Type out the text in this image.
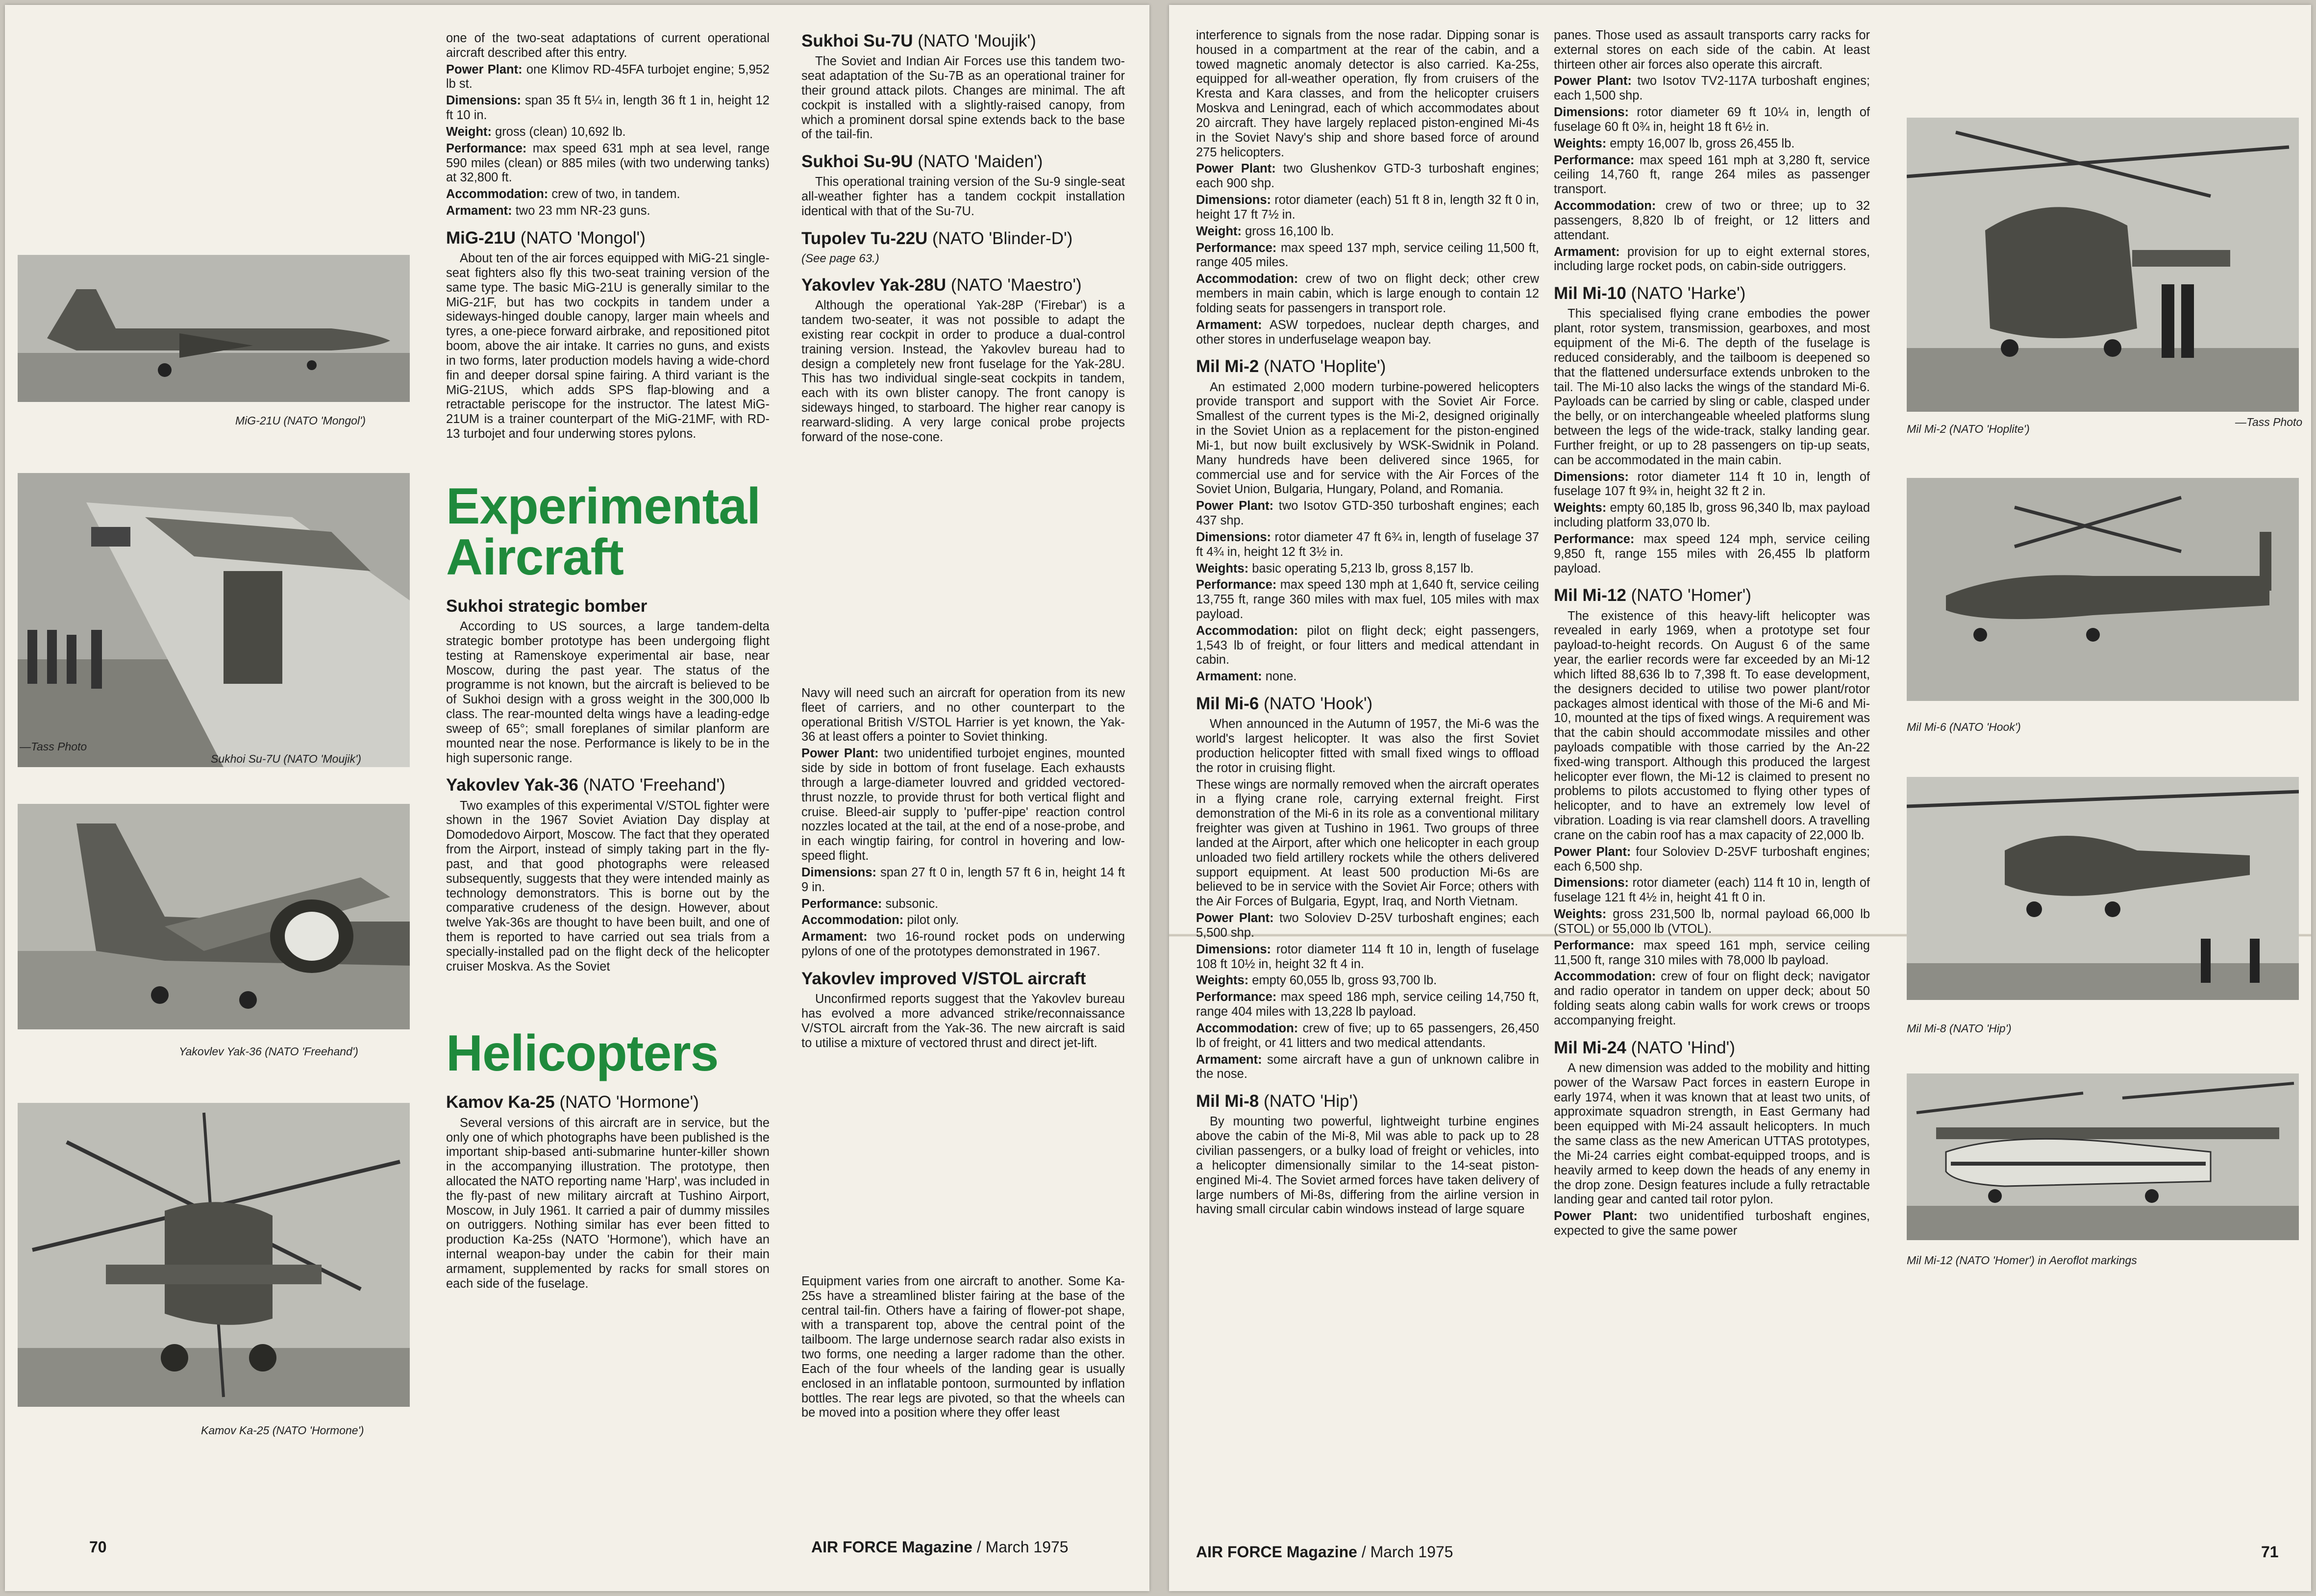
MiG-21U (NATO 'Mongol')
—Tass Photo
Sukhoi Su-7U (NATO 'Moujik')
Yakovlev Yak-36 (NATO 'Freehand')
Kamov Ka-25 (NATO 'Hormone')

one of the two-seat adaptations of current operational aircraft described after this entry.

Power Plant: one Klimov RD-45FA turbojet engine; 5,952 lb st.

Dimensions: span 35 ft 5¼ in, length 36 ft 1 in, height 12 ft 10 in.

Weight: gross (clean) 10,692 lb.

Performance: max speed 631 mph at sea level, range 590 miles (clean) or 885 miles (with two underwing tanks) at 32,800 ft.

Accommodation: crew of two, in tandem.

Armament: two 23 mm NR-23 guns.

MiG-21U (NATO 'Mongol')

About ten of the air forces equipped with MiG-21 single-seat fighters also fly this two-seat training version of the same type. The basic MiG-21U is generally similar to the MiG-21F, but has two cockpits in tandem under a sideways-hinged double canopy, larger main wheels and tyres, a one-piece forward airbrake, and repositioned pitot boom, above the air intake. It carries no guns, and exists in two forms, later production models having a wide-chord fin and deeper dorsal spine fairing. A third variant is the MiG-21US, which adds SPS flap-blowing and a retractable periscope for the instructor. The latest MiG-21UM is a trainer counterpart of the MiG-21MF, with RD-13 turbojet and four underwing stores pylons.

Experimental
Aircraft
Sukhoi strategic bomber

According to US sources, a large tandem-delta strategic bomber prototype has been undergoing flight testing at Ramenskoye experimental air base, near Moscow, during the past year. The status of the programme is not known, but the aircraft is believed to be of Sukhoi design with a gross weight in the 300,000 lb class. The rear-mounted delta wings have a leading-edge sweep of 65°; small foreplanes of similar planform are mounted near the nose. Performance is likely to be in the high supersonic range.

Yakovlev Yak-36 (NATO 'Freehand')

Two examples of this experimental V/STOL fighter were shown in the 1967 Soviet Aviation Day display at Domodedovo Airport, Moscow. The fact that they operated from the Airport, instead of simply taking part in the fly-past, and that good photographs were released subsequently, suggests that they were intended mainly as technology demonstrators. This is borne out by the comparative crudeness of the design. However, about twelve Yak-36s are thought to have been built, and one of them is reported to have carried out sea trials from a specially-installed pad on the flight deck of the helicopter cruiser Moskva. As the Soviet

Helicopters
Kamov Ka-25 (NATO 'Hormone')

Several versions of this aircraft are in service, but the only one of which photographs have been published is the important ship-based anti-submarine hunter-killer shown in the accompanying illustration. The prototype, then allocated the NATO reporting name 'Harp', was included in the fly-past of new military aircraft at Tushino Airport, Moscow, in July 1961. It carried a pair of dummy missiles on outriggers. Nothing similar has ever been fitted to production Ka-25s (NATO 'Hormone'), which have an internal weapon-bay under the cabin for their main armament, supplemented by racks for small stores on each side of the fuselage.

Sukhoi Su-7U (NATO 'Moujik')

The Soviet and Indian Air Forces use this tandem two-seat adaptation of the Su-7B as an operational trainer for their ground attack pilots. Changes are minimal. The aft cockpit is installed with a slightly-raised canopy, from which a prominent dorsal spine extends back to the base of the tail-fin.

Sukhoi Su-9U (NATO 'Maiden')

This operational training version of the Su-9 single-seat all-weather fighter has a tandem cockpit installation identical with that of the Su-7U.

Tupolev Tu-22U (NATO 'Blinder-D')
(See page 63.)
Yakovlev Yak-28U (NATO 'Maestro')

Although the operational Yak-28P ('Firebar') is a tandem two-seater, it was not possible to adapt the existing rear cockpit in order to produce a dual-control training version. Instead, the Yakovlev bureau had to design a completely new front fuselage for the Yak-28U. This has two individual single-seat cockpits in tandem, each with its own blister canopy. The front canopy is sideways hinged, to starboard. The higher rear canopy is rearward-sliding. A very large conical probe projects forward of the nose-cone.

Navy will need such an aircraft for operation from its new fleet of carriers, and no other counterpart to the operational British V/STOL Harrier is yet known, the Yak-36 at least offers a pointer to Soviet thinking.

Power Plant: two unidentified turbojet engines, mounted side by side in bottom of front fuselage. Each exhausts through a large-diameter louvred and gridded vectored-thrust nozzle, to provide thrust for both vertical flight and cruise. Bleed-air supply to 'puffer-pipe' reaction control nozzles located at the tail, at the end of a nose-probe, and in each wingtip fairing, for control in hovering and low-speed flight.

Dimensions: span 27 ft 0 in, length 57 ft 6 in, height 14 ft 9 in.

Performance: subsonic.

Accommodation: pilot only.

Armament: two 16-round rocket pods on underwing pylons of one of the prototypes demonstrated in 1967.

Yakovlev improved V/STOL aircraft

Unconfirmed reports suggest that the Yakovlev bureau has evolved a more advanced strike/reconnaissance V/STOL aircraft from the Yak-36. The new aircraft is said to utilise a mixture of vectored thrust and direct jet-lift.

Equipment varies from one aircraft to another. Some Ka-25s have a streamlined blister fairing at the base of the central tail-fin. Others have a fairing of flower-pot shape, with a transparent top, above the central point of the tailboom. The large undernose search radar also exists in two forms, one needing a larger radome than the other. Each of the four wheels of the landing gear is usually enclosed in an inflatable pontoon, surmounted by inflation bottles. The rear legs are pivoted, so that the wheels can be moved into a position where they offer least

70	AIR FORCE Magazine / March 1975

interference to signals from the nose radar. Dipping sonar is housed in a compartment at the rear of the cabin, and a towed magnetic anomaly detector is also carried. Ka-25s, equipped for all-weather operation, fly from cruisers of the Kresta and Kara classes, and from the helicopter cruisers Moskva and Leningrad, each of which accommodates about 20 aircraft. They have largely replaced piston-engined Mi-4s in the Soviet Navy's ship and shore based force of around 275 helicopters.

Power Plant: two Glushenkov GTD-3 turboshaft engines; each 900 shp.

Dimensions: rotor diameter (each) 51 ft 8 in, length 32 ft 0 in, height 17 ft 7½ in.

Weight: gross 16,100 lb.

Performance: max speed 137 mph, service ceiling 11,500 ft, range 405 miles.

Accommodation: crew of two on flight deck; other crew members in main cabin, which is large enough to contain 12 folding seats for passengers in transport role.

Armament: ASW torpedoes, nuclear depth charges, and other stores in underfuselage weapon bay.

Mil Mi-2 (NATO 'Hoplite')

An estimated 2,000 modern turbine-powered helicopters provide transport and support with the Soviet Air Force. Smallest of the current types is the Mi-2, designed originally in the Soviet Union as a replacement for the piston-engined Mi-1, but now built exclusively by WSK-Swidnik in Poland. Many hundreds have been delivered since 1965, for commercial use and for service with the Air Forces of the Soviet Union, Bulgaria, Hungary, Poland, and Romania.

Power Plant: two Isotov GTD-350 turboshaft engines; each 437 shp.

Dimensions: rotor diameter 47 ft 6¾ in, length of fuselage 37 ft 4¾ in, height 12 ft 3½ in.

Weights: basic operating 5,213 lb, gross 8,157 lb.

Performance: max speed 130 mph at 1,640 ft, service ceiling 13,755 ft, range 360 miles with max fuel, 105 miles with max payload.

Accommodation: pilot on flight deck; eight passengers, 1,543 lb of freight, or four litters and medical attendant in cabin.

Armament: none.

Mil Mi-6 (NATO 'Hook')

When announced in the Autumn of 1957, the Mi-6 was the world's largest helicopter. It was also the first Soviet production helicopter fitted with small fixed wings to offload the rotor in cruising flight.

These wings are normally removed when the aircraft operates in a flying crane role, carrying external freight. First demonstration of the Mi-6 in its role as a conventional military freighter was given at Tushino in 1961. Two groups of three landed at the Airport, after which one helicopter in each group unloaded two field artillery rockets while the others delivered support equipment. At least 500 production Mi-6s are believed to be in service with the Soviet Air Force; others with the Air Forces of Bulgaria, Egypt, Iraq, and North Vietnam.

Power Plant: two Soloviev D-25V turboshaft engines; each 5,500 shp.

Dimensions: rotor diameter 114 ft 10 in, length of fuselage 108 ft 10½ in, height 32 ft 4 in.

Weights: empty 60,055 lb, gross 93,700 lb.

Performance: max speed 186 mph, service ceiling 14,750 ft, range 404 miles with 13,228 lb payload.

Accommodation: crew of five; up to 65 passengers, 26,450 lb of freight, or 41 litters and two medical attendants.

Armament: some aircraft have a gun of unknown calibre in the nose.

Mil Mi-8 (NATO 'Hip')

By mounting two powerful, lightweight turbine engines above the cabin of the Mi-8, Mil was able to pack up to 28 civilian passengers, or a bulky load of freight or vehicles, into a helicopter dimensionally similar to the 14-seat piston-engined Mi-4. The Soviet armed forces have taken delivery of large numbers of Mi-8s, differing from the airline version in having small circular cabin windows instead of large square

panes. Those used as assault transports carry racks for external stores on each side of the cabin. At least thirteen other air forces also operate this aircraft.

Power Plant: two Isotov TV2-117A turboshaft engines; each 1,500 shp.

Dimensions: rotor diameter 69 ft 10¼ in, length of fuselage 60 ft 0¾ in, height 18 ft 6½ in.

Weights: empty 16,007 lb, gross 26,455 lb.

Performance: max speed 161 mph at 3,280 ft, service ceiling 14,760 ft, range 264 miles as passenger transport.

Accommodation: crew of two or three; up to 32 passengers, 8,820 lb of freight, or 12 litters and attendant.

Armament: provision for up to eight external stores, including large rocket pods, on cabin-side outriggers.

Mil Mi-10 (NATO 'Harke')

This specialised flying crane embodies the power plant, rotor system, transmission, gearboxes, and most equipment of the Mi-6. The depth of the fuselage is reduced considerably, and the tailboom is deepened so that the flattened undersurface extends unbroken to the tail. The Mi-10 also lacks the wings of the standard Mi-6. Payloads can be carried by sling or cable, clasped under the belly, or on interchangeable wheeled platforms slung between the legs of the wide-track, stalky landing gear. Further freight, or up to 28 passengers on tip-up seats, can be accommodated in the main cabin.

Dimensions: rotor diameter 114 ft 10 in, length of fuselage 107 ft 9¾ in, height 32 ft 2 in.

Weights: empty 60,185 lb, gross 96,340 lb, max payload including platform 33,070 lb.

Performance: max speed 124 mph, service ceiling 9,850 ft, range 155 miles with 26,455 lb platform payload.

Mil Mi-12 (NATO 'Homer')

The existence of this heavy-lift helicopter was revealed in early 1969, when a prototype set four payload-to-height records. On August 6 of the same year, the earlier records were far exceeded by an Mi-12 which lifted 88,636 lb to 7,398 ft. To ease development, the designers decided to utilise two power plant/rotor packages almost identical with those of the Mi-6 and Mi-10, mounted at the tips of fixed wings. A requirement was that the cabin should accommodate missiles and other payloads compatible with those carried by the An-22 fixed-wing transport. Although this produced the largest helicopter ever flown, the Mi-12 is claimed to present no problems to pilots accustomed to flying other types of helicopter, and to have an extremely low level of vibration. Loading is via rear clamshell doors. A travelling crane on the cabin roof has a max capacity of 22,000 lb.

Power Plant: four Soloviev D-25VF turboshaft engines; each 6,500 shp.

Dimensions: rotor diameter (each) 114 ft 10 in, length of fuselage 121 ft 4½ in, height 41 ft 0 in.

Weights: gross 231,500 lb, normal payload 66,000 lb (STOL) or 55,000 lb (VTOL).

Performance: max speed 161 mph, service ceiling 11,500 ft, range 310 miles with 78,000 lb payload.

Accommodation: crew of four on flight deck; navigator and radio operator in tandem on upper deck; about 50 folding seats along cabin walls for work crews or troops accompanying freight.

Mil Mi-24 (NATO 'Hind')

A new dimension was added to the mobility and hitting power of the Warsaw Pact forces in eastern Europe in early 1974, when it was known that at least two units, of approximate squadron strength, in East Germany had been equipped with Mi-24 assault helicopters. In much the same class as the new American UTTAS prototypes, the Mi-24 carries eight combat-equipped troops, and is heavily armed to keep down the heads of any enemy in the drop zone. Design features include a fully retractable landing gear and canted tail rotor pylon.

Power Plant: two unidentified turboshaft engines, expected to give the same power

Mil Mi-2 (NATO 'Hoplite')
—Tass Photo
Mil Mi-6 (NATO 'Hook')
Mil Mi-8 (NATO 'Hip')
Mil Mi-12 (NATO 'Homer') in Aeroflot markings
AIR FORCE Magazine / March 1975	71
